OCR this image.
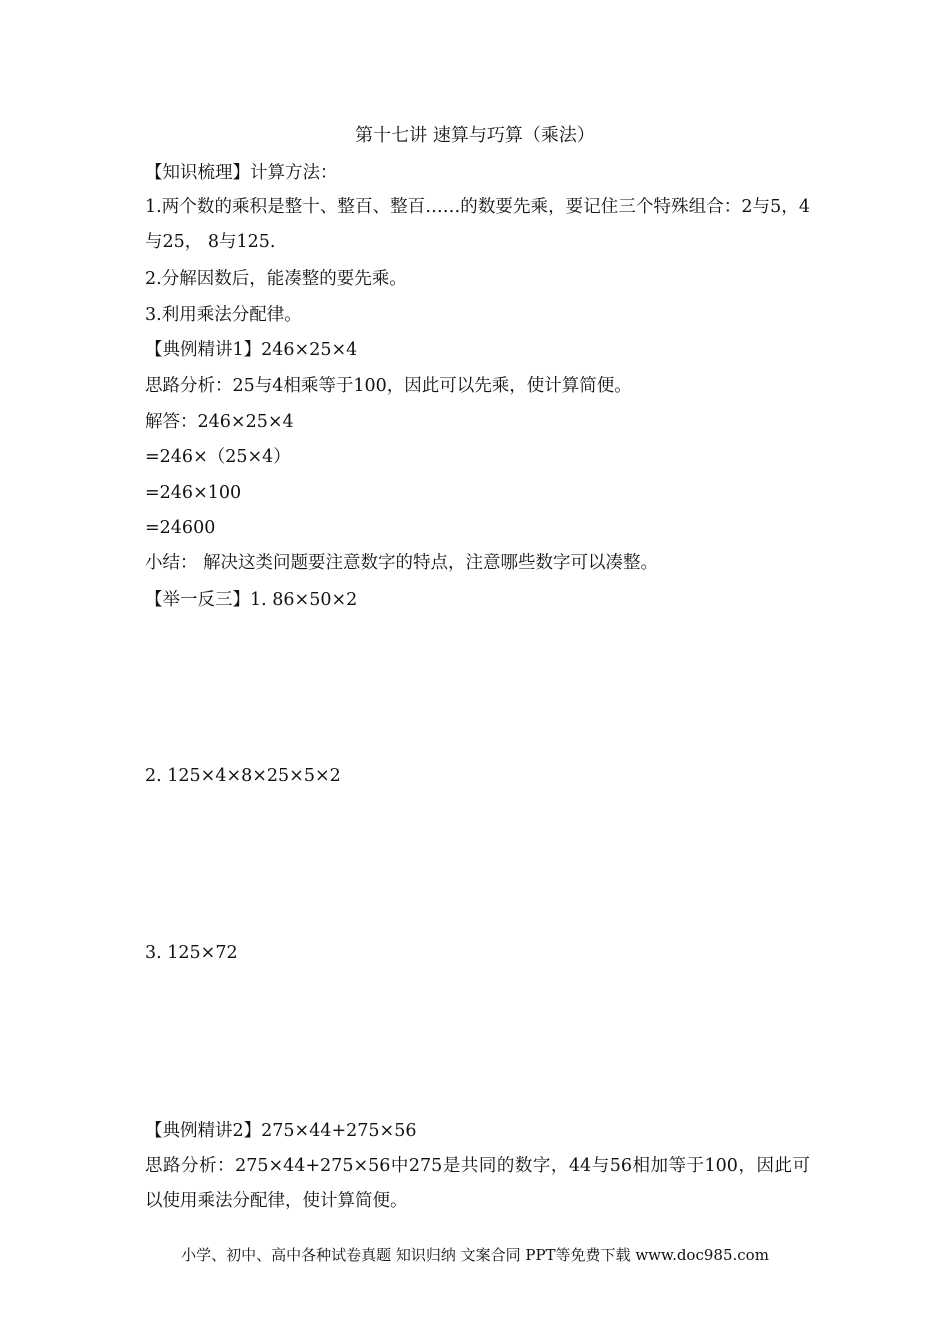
第十七讲 速算与巧算（乘法）
【知识梳理】计算方法：
1.两个数的乘积是整十、整百、整百……的数要先乘，要记住三个特殊组合：2与5，4与25， 8与125.
2.分解因数后，能凑整的要先乘。
3.利用乘法分配律。
【典例精讲1】246×25×4
思路分析：25与4相乘等于100，因此可以先乘，使计算简便。
解答：246×25×4
=246×（25×4）
=246×100
=24600
小结： 解决这类问题要注意数字的特点，注意哪些数字可以凑整。
【举一反三】1. 86×50×2
2. 125×4×8×25×5×2
3. 125×72
【典例精讲2】275×44+275×56
思路分析：275×44+275×56中275是共同的数字，44与56相加等于100，因此可以使用乘法分配律，使计算简便。
小学、初中、高中各种试卷真题 知识归纳 文案合同 PPT等免费下载 www.doc985.com
